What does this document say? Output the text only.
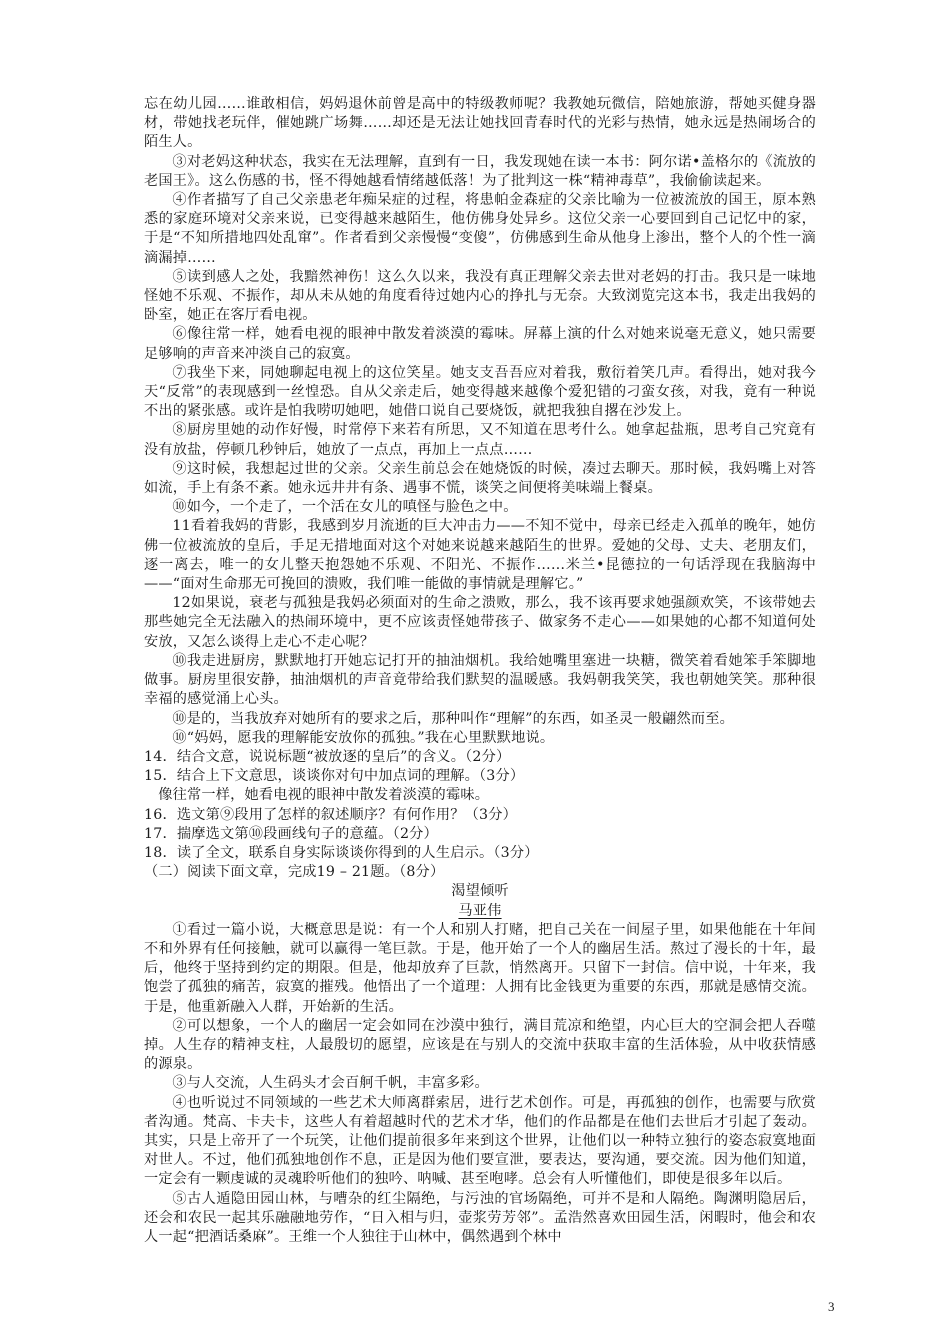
忘在幼儿园……谁敢相信，妈妈退休前曾是高中的特级教师呢？我教她玩微信，陪她旅游，帮她买健身器材，带她找老玩伴，催她跳广场舞……却还是无法让她找回青春时代的光彩与热情，她永远是热闹场合的陌生人。

③对老妈这种状态，我实在无法理解，直到有一日，我发现她在读一本书：阿尔诺•盖格尔的《流放的老国王》。这么伤感的书，怪不得她越看情绪越低落！为了批判这一株“精神毒草”，我偷偷读起来。

④作者描写了自己父亲患老年痴呆症的过程，将患帕金森症的父亲比喻为一位被流放的国王，原本熟悉的家庭环境对父亲来说，已变得越来越陌生，他仿佛身处异乡。这位父亲一心要回到自己记忆中的家，于是“不知所措地四处乱窜”。作者看到父亲慢慢“变傻”，仿佛感到生命从他身上渗出，整个人的个性一滴滴漏掉……

⑤读到感人之处，我黯然神伤！这么久以来，我没有真正理解父亲去世对老妈的打击。我只是一味地怪她不乐观、不振作，却从未从她的角度看待过她内心的挣扎与无奈。大致浏览完这本书，我走出我妈的卧室，她正在客厅看电视。

⑥像往常一样，她看电视的眼神中散发着淡漠的霉味。屏幕上演的什么对她来说毫无意义，她只需要足够响的声音来冲淡自己的寂寞。

⑦我坐下来，同她聊起电视上的这位笑星。她支支吾吾应对着我，敷衍着笑几声。看得出，她对我今天“反常”的表现感到一丝惶恐。自从父亲走后，她变得越来越像个爱犯错的刁蛮女孩，对我，竟有一种说不出的紧张感。或许是怕我唠叨她吧，她借口说自己要烧饭，就把我独自撂在沙发上。

⑧厨房里她的动作好慢，时常停下来若有所思，又不知道在思考什么。她拿起盐瓶，思考自己究竟有没有放盐，停顿几秒钟后，她放了一点点，再加上一点点……

⑨这时候，我想起过世的父亲。父亲生前总会在她烧饭的时候，凑过去聊天。那时候，我妈嘴上对答如流，手上有条不紊。她永远井井有条、遇事不慌，谈笑之间便将美味端上餐桌。

⑩如今，一个走了，一个活在女儿的嗔怪与脸色之中。

11看着我妈的背影，我感到岁月流逝的巨大冲击力——不知不觉中，母亲已经走入孤单的晚年，她仿佛一位被流放的皇后，手足无措地面对这个对她来说越来越陌生的世界。爱她的父母、丈夫、老朋友们，逐一离去，唯一的女儿整天抱怨她不乐观、不阳光、不振作……米兰•昆德拉的一句话浮现在我脑海中——“面对生命那无可挽回的溃败，我们唯一能做的事情就是理解它。”

12如果说，衰老与孤独是我妈必须面对的生命之溃败，那么，我不该再要求她强颜欢笑，不该带她去那些她完全无法融入的热闹环境中，更不应该责怪她带孩子、做家务不走心——如果她的心都不知道何处安放，又怎么谈得上走心不走心呢？

⑩我走进厨房，默默地打开她忘记打开的抽油烟机。我给她嘴里塞进一块糖，微笑着看她笨手笨脚地做事。厨房里很安静，抽油烟机的声音竟带给我们默契的温暖感。我妈朝我笑笑，我也朝她笑笑。那种很幸福的感觉涌上心头。

⑩是的，当我放弃对她所有的要求之后，那种叫作“理解”的东西，如圣灵一般翩然而至。

⑩“妈妈，愿我的理解能安放你的孤独。”我在心里默默地说。

14．结合文意，说说标题“被放逐的皇后”的含义。（2分）

15．结合上下文意思，谈谈你对句中加点词的理解。（3分）

像往常一样，她看电视的眼神中散发着淡漠的霉味。

16．选文第⑨段用了怎样的叙述顺序？有何作用？（3分）

17．揣摩选文第⑩段画线句子的意蕴。（2分）

18．读了全文，联系自身实际谈谈你得到的人生启示。（3分）

（二）阅读下面文章，完成19 – 21题。（8分）

渴望倾听

马亚伟

①看过一篇小说，大概意思是说：有一个人和别人打赌，把自己关在一间屋子里，如果他能在十年间不和外界有任何接触，就可以赢得一笔巨款。于是，他开始了一个人的幽居生活。熬过了漫长的十年，最后，他终于坚持到约定的期限。但是，他却放弃了巨款，悄然离开。只留下一封信。信中说，十年来，我饱尝了孤独的痛苦，寂寞的摧残。他悟出了一个道理：人拥有比金钱更为重要的东西，那就是感情交流。于是，他重新融入人群，开始新的生活。

②可以想象，一个人的幽居一定会如同在沙漠中独行，满目荒凉和绝望，内心巨大的空洞会把人吞噬掉。人生存的精神支柱，人最殷切的愿望，应该是在与别人的交流中获取丰富的生活体验，从中收获情感的源泉。

③与人交流，人生码头才会百舸千帆，丰富多彩。

④也听说过不同领域的一些艺术大师离群索居，进行艺术创作。可是，再孤独的创作，也需要与欣赏者沟通。梵高、卡夫卡，这些人有着超越时代的艺术才华，他们的作品都是在他们去世后才引起了轰动。其实，只是上帝开了一个玩笑，让他们提前很多年来到这个世界，让他们以一种特立独行的姿态寂寞地面对世人。不过，他们孤独地创作不息，正是因为他们要宣泄，要表达，要沟通，要交流。因为他们知道，一定会有一颗虔诚的灵魂聆听他们的独吟、呐喊、甚至咆哮。总会有人听懂他们，即使是很多年以后。

⑤古人遁隐田园山林，与嘈杂的红尘隔绝，与污浊的官场隔绝，可并不是和人隔绝。陶渊明隐居后，还会和农民一起其乐融融地劳作，“日入相与归，壶浆劳芳邻”。孟浩然喜欢田园生活，闲暇时，他会和农人一起“把酒话桑麻”。王维一个人独往于山林中，偶然遇到个林中

3
